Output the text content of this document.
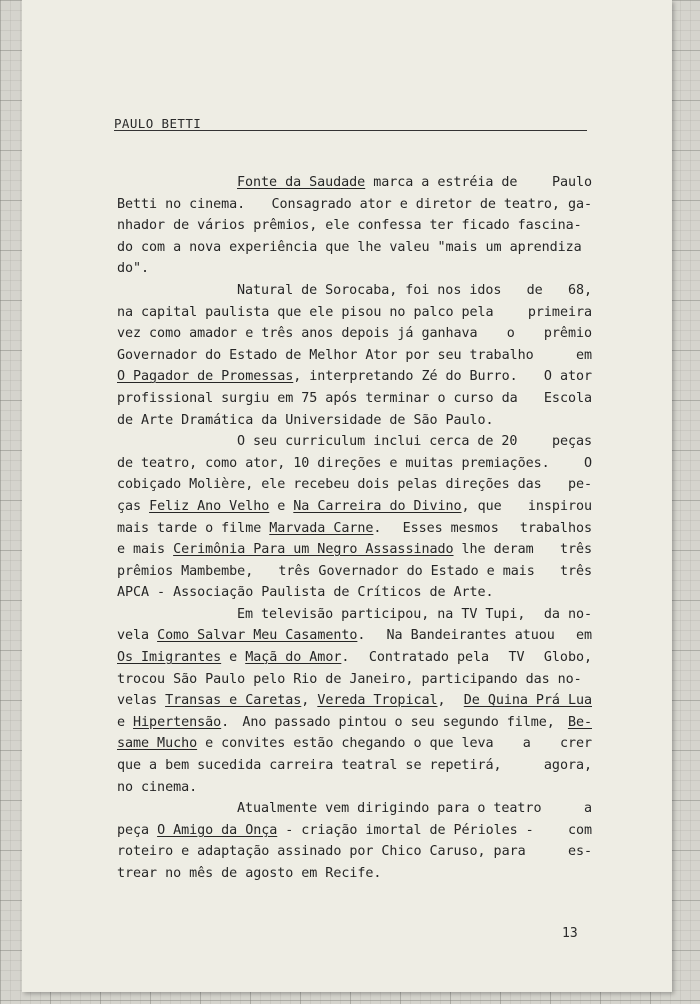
PAULO BETTI
Fonte da Saudade marca a estréia de	Paulo
Betti no cinema. Consagrado ator e diretor de teatro, ga-
nhador de vários prêmios, ele confessa ter ficado fascina-
do com a nova experiência que lhe valeu "mais um aprendiza
do".
Natural de Sorocaba, foi nos idos de 68,
na capital paulista que ele pisou no palco pela	primeira
vez como amador e três anos depois já ganhava o prêmio
Governador do Estado de Melhor Ator por seu trabalho	em
O Pagador de Promessas, interpretando Zé do Burro. O ator
profissional surgiu em 75 após terminar o curso da Escola
de Arte Dramática da Universidade de São Paulo.
O seu curriculum inclui cerca de 20	peças
de teatro, como ator, 10 direções e muitas premiações.	O
cobiçado Molière, ele recebeu dois pelas direções das pe-
ças Feliz Ano Velho e Na Carreira do Divino, que inspirou
mais tarde o filme Marvada Carne. Esses mesmos trabalhos
e mais Cerimônia Para um Negro Assassinado lhe deram três
prêmios Mambembe, três Governador do Estado e mais três
APCA - Associação Paulista de Críticos de Arte.
Em televisão participou, na TV Tupi, da no-
vela Como Salvar Meu Casamento. Na Bandeirantes atuou em
Os Imigrantes e Maçã do Amor. Contratado pela TV Globo,
trocou São Paulo pelo Rio de Janeiro, participando das no-
velas Transas e Caretas, Vereda Tropical, De Quina Prá Lua
e Hipertensão. Ano passado pintou o seu segundo filme, Be-
same Mucho e convites estão chegando o que leva a crer
que a bem sucedida carreira teatral se repetirá,	agora,
no cinema.
Atualmente vem dirigindo para o teatro	a
peça O Amigo da Onça - criação imortal de Périoles -	com
roteiro e adaptação assinado por Chico Caruso, para	es-
trear no mês de agosto em Recife.
13
